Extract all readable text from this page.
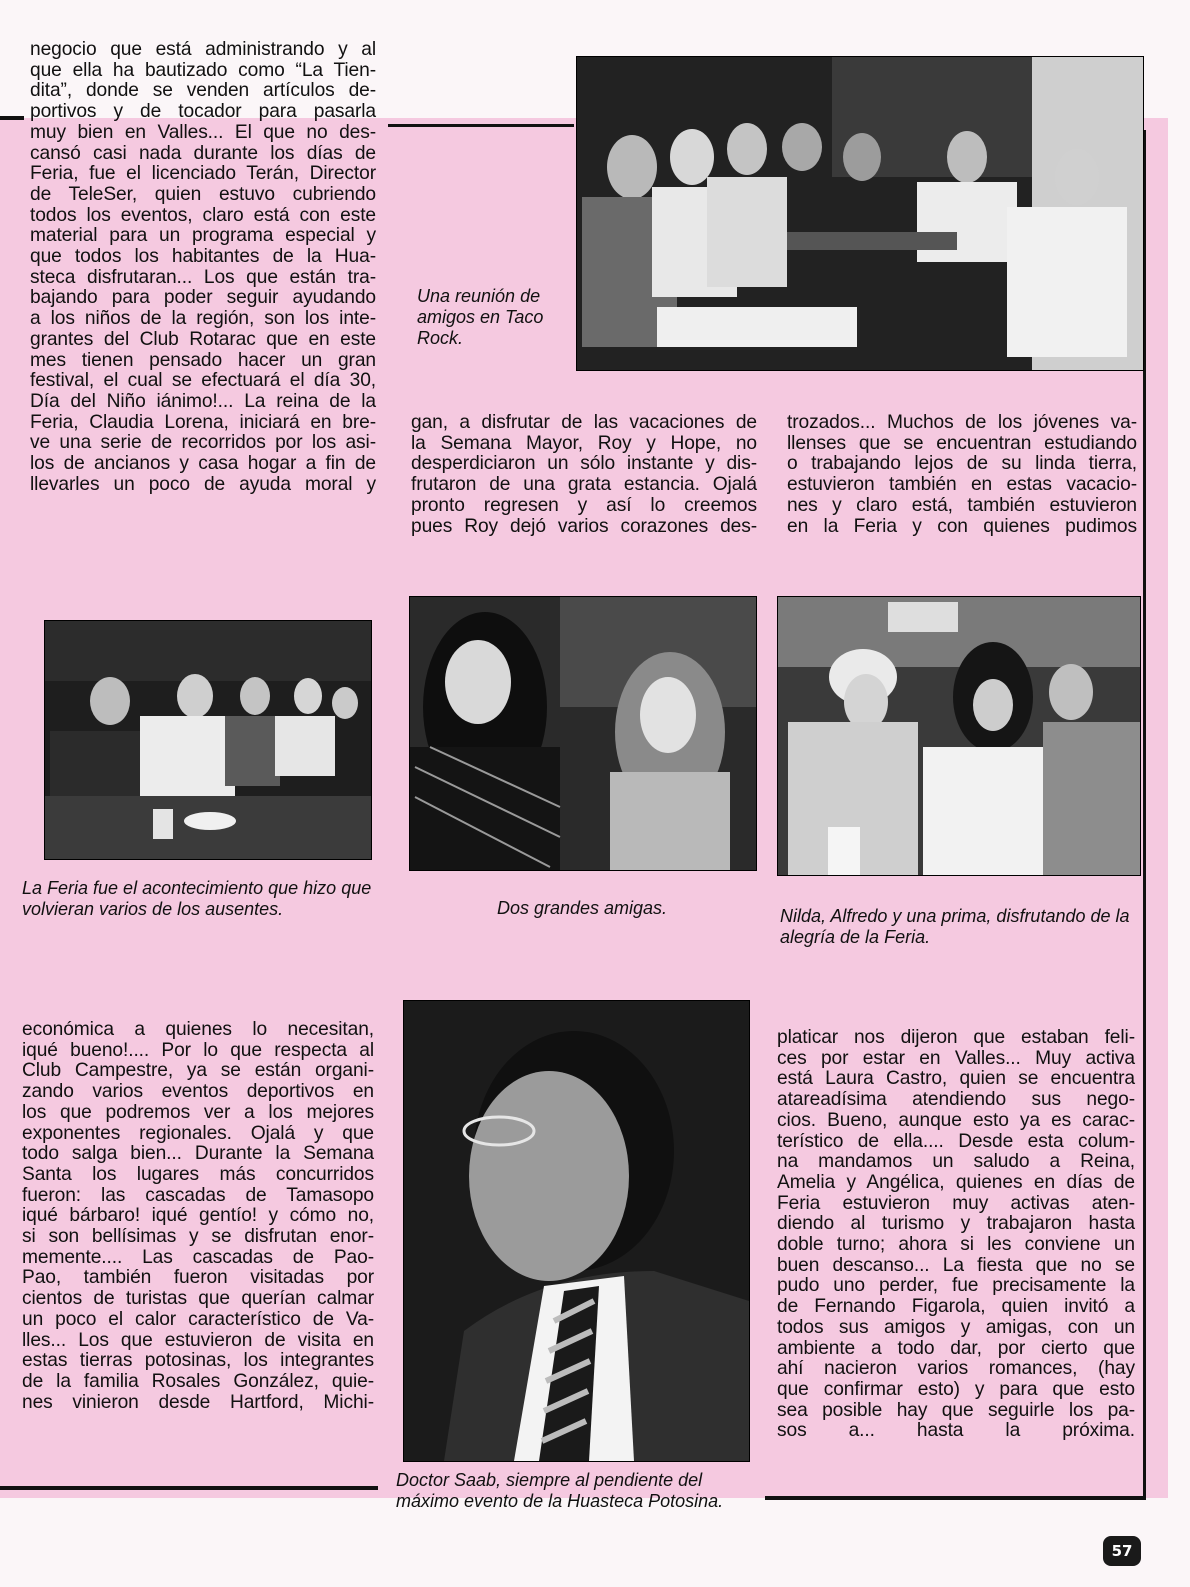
negocio que está administrando y al
que ella ha bautizado como “La Tien-
dita”, donde se venden artículos de-
portivos y de tocador para pasarla
muy bien en Valles... El que no des-
cansó casi nada durante los días de
Feria, fue el licenciado Terán, Director
de TeleSer, quien estuvo cubriendo
todos los eventos, claro está con este
material para un programa especial y
que todos los habitantes de la Hua-
steca disfrutaran... Los que están tra-
bajando para poder seguir ayudando
a los niños de la región, son los inte-
grantes del Club Rotarac que en este
mes tienen pensado hacer un gran
festival, el cual se efectuará el día 30,
Día del Niño iánimo!... La reina de la
Feria, Claudia Lorena, iniciará en bre-
ve una serie de recorridos por los asi-
los de ancianos y casa hogar a fin de
llevarles un poco de ayuda moral y
gan, a disfrutar de las vacaciones de
la Semana Mayor, Roy y Hope, no
desperdiciaron un sólo instante y dis-
frutaron de una grata estancia. Ojalá
pronto regresen y así lo creemos
pues Roy dejó varios corazones des-
trozados... Muchos de los jóvenes va-
llenses que se encuentran estudiando
o trabajando lejos de su linda tierra,
estuvieron también en estas vacacio-
nes y claro está, también estuvieron
en la Feria y con quienes pudimos
económica a quienes lo necesitan,
iqué bueno!.... Por lo que respecta al
Club Campestre, ya se están organi-
zando varios eventos deportivos en
los que podremos ver a los mejores
exponentes regionales. Ojalá y que
todo salga bien... Durante la Semana
Santa los lugares más concurridos
fueron: las cascadas de Tamasopo
iqué bárbaro! iqué gentío! y cómo no,
si son bellísimas y se disfrutan enor-
memente.... Las cascadas de Pao-
Pao, también fueron visitadas por
cientos de turistas que querían calmar
un poco el calor característico de Va-
lles... Los que estuvieron de visita en
estas tierras potosinas, los integrantes
de la familia Rosales González, quie-
nes vinieron desde Hartford, Michi-
platicar nos dijeron que estaban feli-
ces por estar en Valles... Muy activa
está Laura Castro, quien se encuentra
atareadísima atendiendo sus nego-
cios. Bueno, aunque esto ya es carac-
terístico de ella.... Desde esta colum-
na mandamos un saludo a Reina,
Amelia y Angélica, quienes en días de
Feria estuvieron muy activas aten-
diendo al turismo y trabajaron hasta
doble turno; ahora si les conviene un
buen descanso... La fiesta que no se
pudo uno perder, fue precisamente la
de Fernando Figarola, quien invitó a
todos sus amigos y amigas, con un
ambiente a todo dar, por cierto que
ahí nacieron varios romances, (hay
que confirmar esto) y para que esto
sea posible hay que seguirle los pa-
sos a... hasta la próxima.
Una reunión de amigos en Taco Rock.
La Feria fue el acontecimiento que hizo que volvieran varios de los ausentes.	Dos grandes amigas.	Nilda, Alfredo y una prima, disfrutando de la alegría de la Feria.
Doctor Saab, siempre al pendiente del máximo evento de la Huasteca Potosina.
57
